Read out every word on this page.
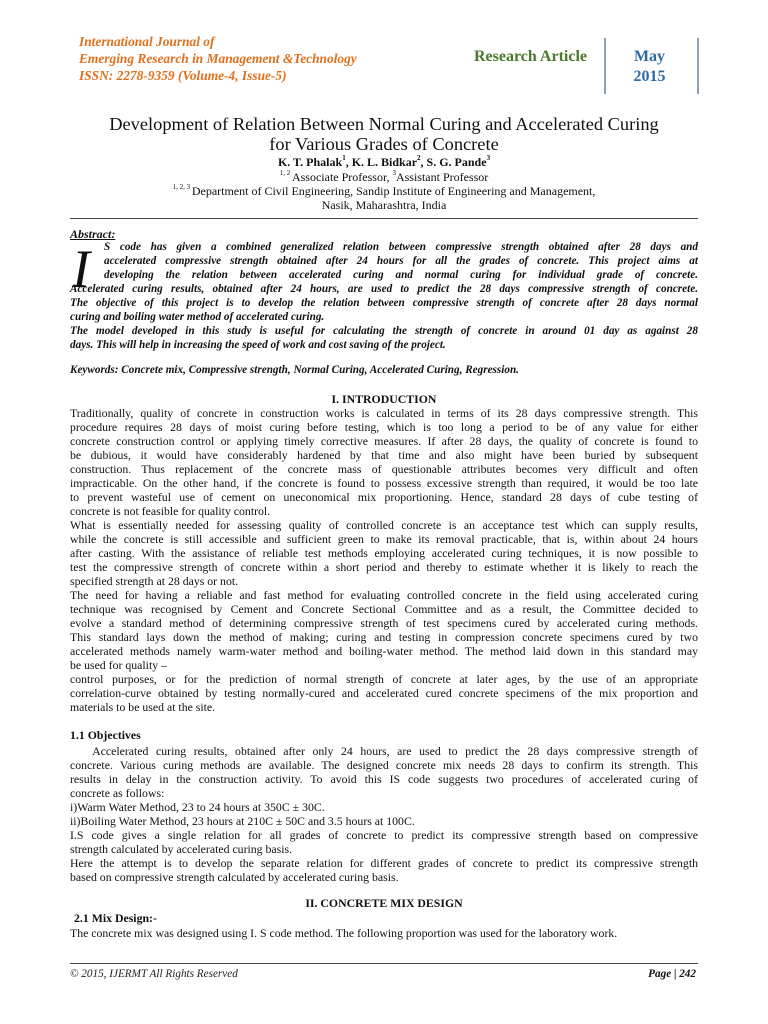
International Journal of
Emerging Research in Management &Technology
ISSN: 2278-9359 (Volume-4, Issue-5)
Research Article	May
2015
Development of Relation Between Normal Curing and Accelerated Curing
for Various Grades of Concrete
K. T. Phalak$^1$, K. L. Bidkar$^2$, S. G. Pande$^3$
$^{1, 2}$ Associate Professor, $^3$Assistant Professor
$^{1, 2, 3}$ Department of Civil Engineering, Sandip Institute of Engineering and Management,
Nasik, Maharashtra, India
Abstract:
I S code has given a combined generalized relation between compressive strength obtained after 28 days and
accelerated compressive strength obtained after 24 hours for all the grades of concrete. This project aims at
developing the relation between accelerated curing and normal curing for individual grade of concrete.
Accelerated curing results, obtained after 24 hours, are used to predict the 28 days compressive strength of concrete.
The objective of this project is to develop the relation between compressive strength of concrete after 28 days normal
curing and boiling water method of accelerated curing.
The model developed in this study is useful for calculating the strength of concrete in around 01 day as against 28
days. This will help in increasing the speed of work and cost saving of the project.
Keywords: Concrete mix, Compressive strength, Normal Curing, Accelerated Curing, Regression.
I. INTRODUCTION
Traditionally, quality of concrete in construction works is calculated in terms of its 28 days compressive strength. This
procedure requires 28 days of moist curing before testing, which is too long a period to be of any value for either
concrete construction control or applying timely corrective measures. If after 28 days, the quality of concrete is found to
be dubious, it would have considerably hardened by that time and also might have been buried by subsequent
construction. Thus replacement of the concrete mass of questionable attributes becomes very difficult and often
impracticable. On the other hand, if the concrete is found to possess excessive strength than required, it would be too late
to prevent wasteful use of cement on uneconomical mix proportioning. Hence, standard 28 days of cube testing of
concrete is not feasible for quality control.
What is essentially needed for assessing quality of controlled concrete is an acceptance test which can supply results,
while the concrete is still accessible and sufficient green to make its removal practicable, that is, within about 24 hours
after casting. With the assistance of reliable test methods employing accelerated curing techniques, it is now possible to
test the compressive strength of concrete within a short period and thereby to estimate whether it is likely to reach the
specified strength at 28 days or not.
The need for having a reliable and fast method for evaluating controlled concrete in the field using accelerated curing
technique was recognised by Cement and Concrete Sectional Committee and as a result, the Committee decided to
evolve a standard method of determining compressive strength of test specimens cured by accelerated curing methods.
This standard lays down the method of making; curing and testing in compression concrete specimens cured by two
accelerated methods namely warm-water method and boiling-water method. The method laid down in this standard may
be used for quality –
control purposes, or for the prediction of normal strength of concrete at later ages, by the use of an appropriate
correlation-curve obtained by testing normally-cured and accelerated cured concrete specimens of the mix proportion and
materials to be used at the site.
1.1 Objectives
Accelerated curing results, obtained after only 24 hours, are used to predict the 28 days compressive strength of
concrete. Various curing methods are available. The designed concrete mix needs 28 days to confirm its strength. This
results in delay in the construction activity. To avoid this IS code suggests two procedures of accelerated curing of
concrete as follows:
i)Warm Water Method, 23 to 24 hours at 350C ± 30C.
ii)Boiling Water Method, 23 hours at 210C ± 50C and 3.5 hours at 100C.
I.S code gives a single relation for all grades of concrete to predict its compressive strength based on compressive
strength calculated by accelerated curing basis.
Here the attempt is to develop the separate relation for different grades of concrete to predict its compressive strength
based on compressive strength calculated by accelerated curing basis.
II. CONCRETE MIX DESIGN
2.1 Mix Design:-
The concrete mix was designed using I. S code method. The following proportion was used for the laboratory work.
© 2015, IJERMT All Rights Reserved	Page | 242
